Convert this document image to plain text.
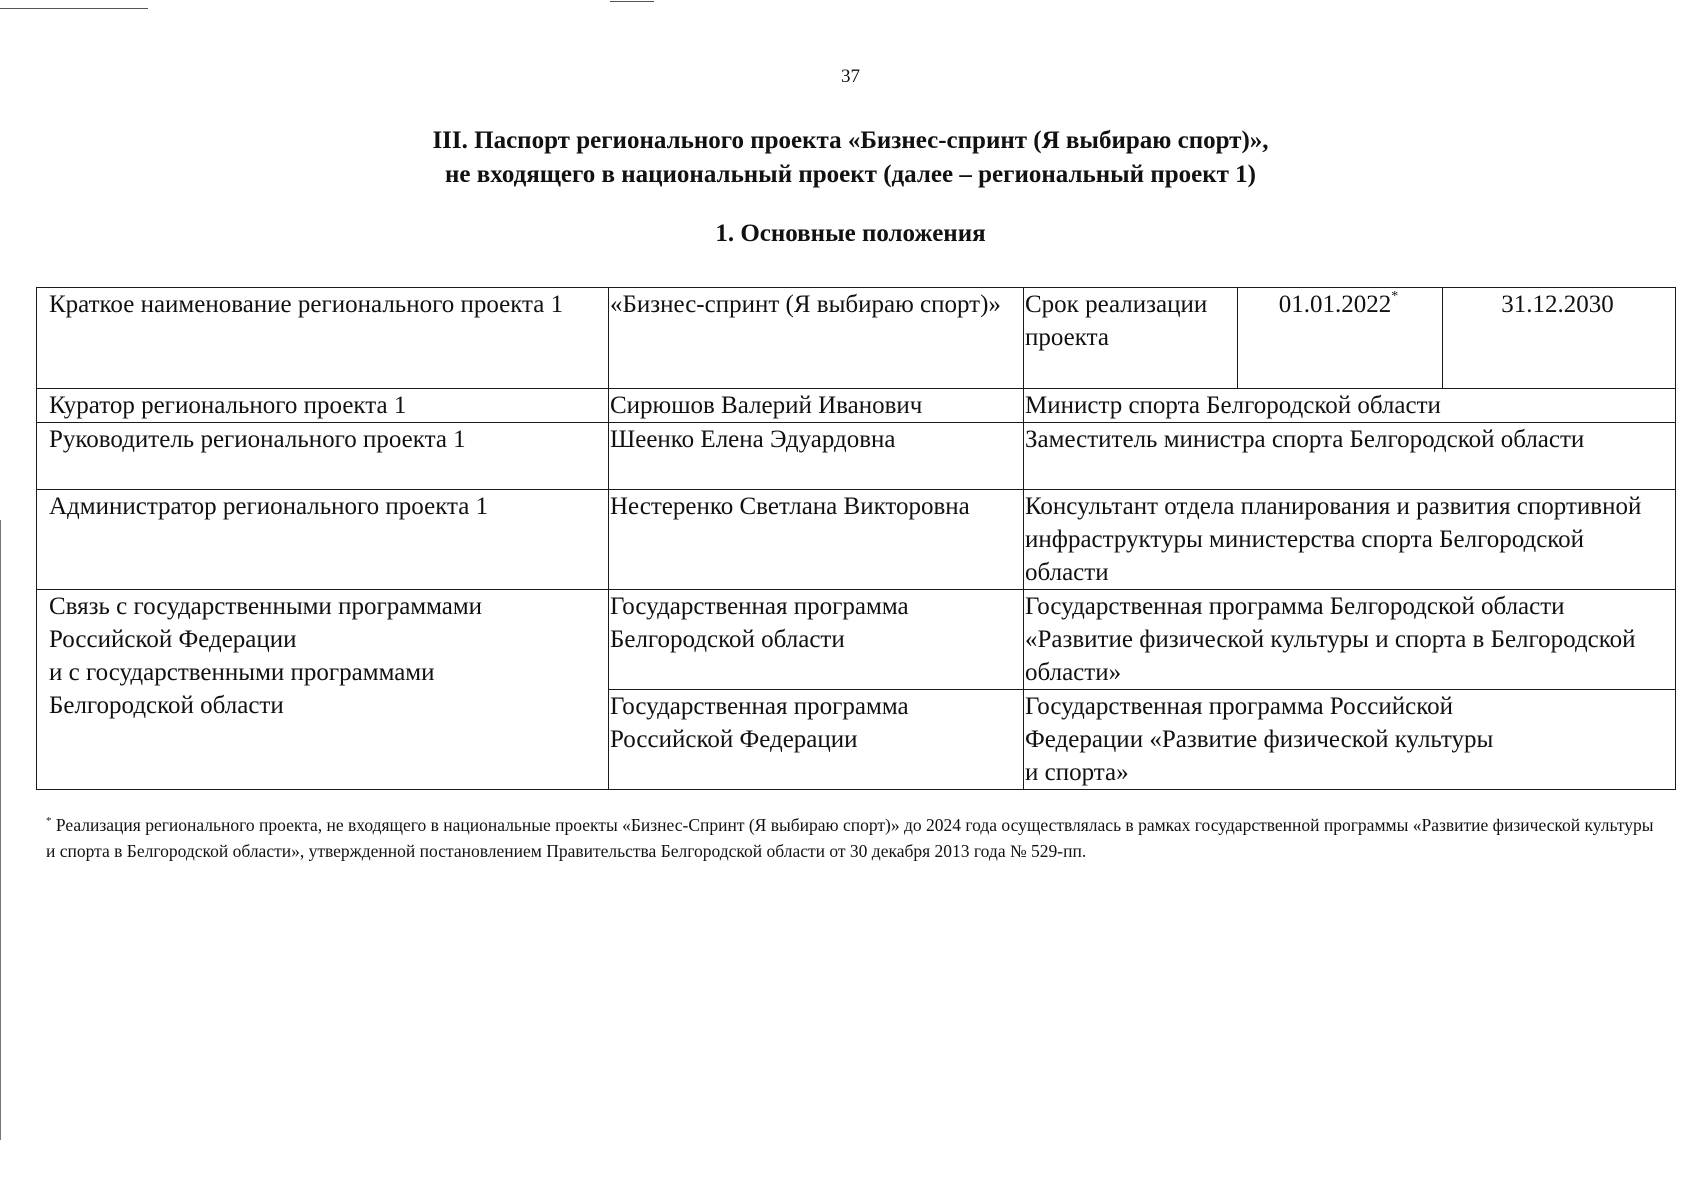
37
III. Паспорт регионального проекта «Бизнес-спринт (Я выбираю спорт)»,
не входящего в национальный проект (далее – региональный проект 1)
1. Основные положения
Краткое наименование регионального проекта 1	«Бизнес-спринт (Я выбираю спорт)»	Срок реализации проекта	01.01.2022*	31.12.2030
Куратор регионального проекта 1	Сирюшов Валерий Иванович	Министр спорта Белгородской области		
Руководитель регионального проекта 1	Шеенко Елена Эдуардовна	Заместитель министра спорта Белгородской области		
Администратор регионального проекта 1	Нестеренко Светлана Викторовна	Консультант отдела планирования и развития спортивной инфраструктуры министерства спорта Белгородской области		

Связь с государственными программами
Российской Федерации
и с государственными программами
Белгородской области	Государственная программа Белгородской области	Государственная программа Белгородской области «Развитие физической культуры и спорта в Белгородской области»		
	Государственная программа Российской Федерации	Государственная программа Российской
Федерации «Развитие физической культуры
и спорта»		
* Реализация регионального проекта, не входящего в национальные проекты «Бизнес-Спринт (Я выбираю спорт)» до 2024 года осуществлялась в рамках государственной программы «Развитие физической культуры и спорта в Белгородской области», утвержденной постановлением Правительства Белгородской области от 30 декабря 2013 года № 529-пп.
